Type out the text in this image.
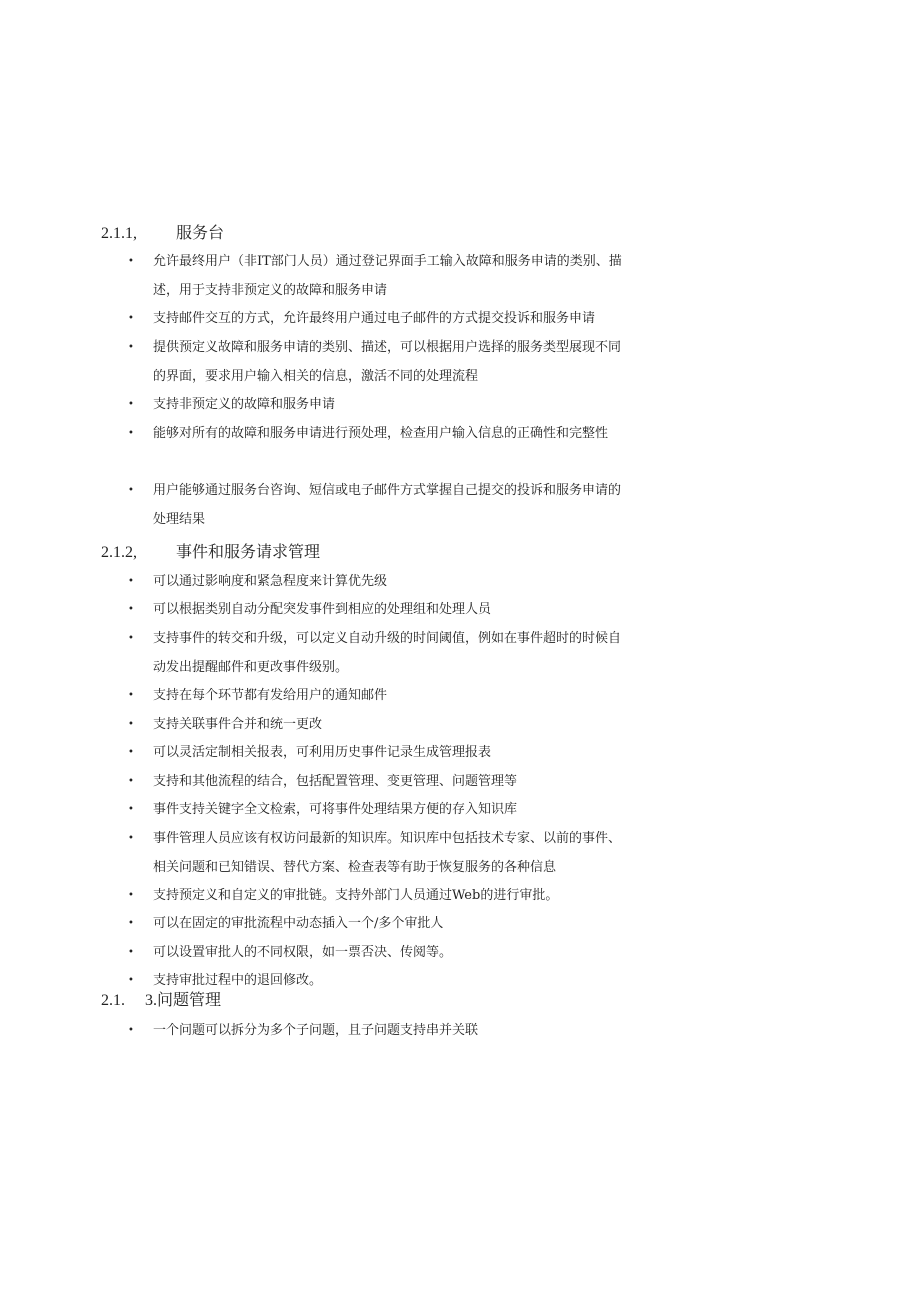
2.1.1, 服务台
• 允许最终用户（非IT部门人员）通过登记界面手工输入故障和服务申请的类别、描述，用于支持非预定义的故障和服务申请
• 支持邮件交互的方式，允许最终用户通过电子邮件的方式提交投诉和服务申请
• 提供预定义故障和服务申请的类别、描述，可以根据用户选择的服务类型展现不同的界面，要求用户输入相关的信息，激活不同的处理流程
• 支持非预定义的故障和服务申请
• 能够对所有的故障和服务申请进行预处理，检查用户输入信息的正确性和完整性
• 用户能够通过服务台咨询、短信或电子邮件方式掌握自己提交的投诉和服务申请的处理结果
2.1.2, 事件和服务请求管理
• 可以通过影响度和紧急程度来计算优先级
• 可以根据类别自动分配突发事件到相应的处理组和处理人员
• 支持事件的转交和升级，可以定义自动升级的时间阈值，例如在事件超时的时候自动发出提醒邮件和更改事件级别。
• 支持在每个环节都有发给用户的通知邮件
• 支持关联事件合并和统一更改
• 可以灵活定制相关报表，可利用历史事件记录生成管理报表
• 支持和其他流程的结合，包括配置管理、变更管理、问题管理等
• 事件支持关键字全文检索，可将事件处理结果方便的存入知识库
• 事件管理人员应该有权访问最新的知识库。知识库中包括技术专家、以前的事件、相关问题和已知错误、替代方案、检查表等有助于恢复服务的各种信息
• 支持预定义和自定义的审批链。支持外部门人员通过Web的进行审批。
• 可以在固定的审批流程中动态插入一个/多个审批人
• 可以设置审批人的不同权限，如一票否决、传阅等。
• 支持审批过程中的退回修改。
2.1. 3.问题管理
• 一个问题可以拆分为多个子问题，且子问题支持串并关联
